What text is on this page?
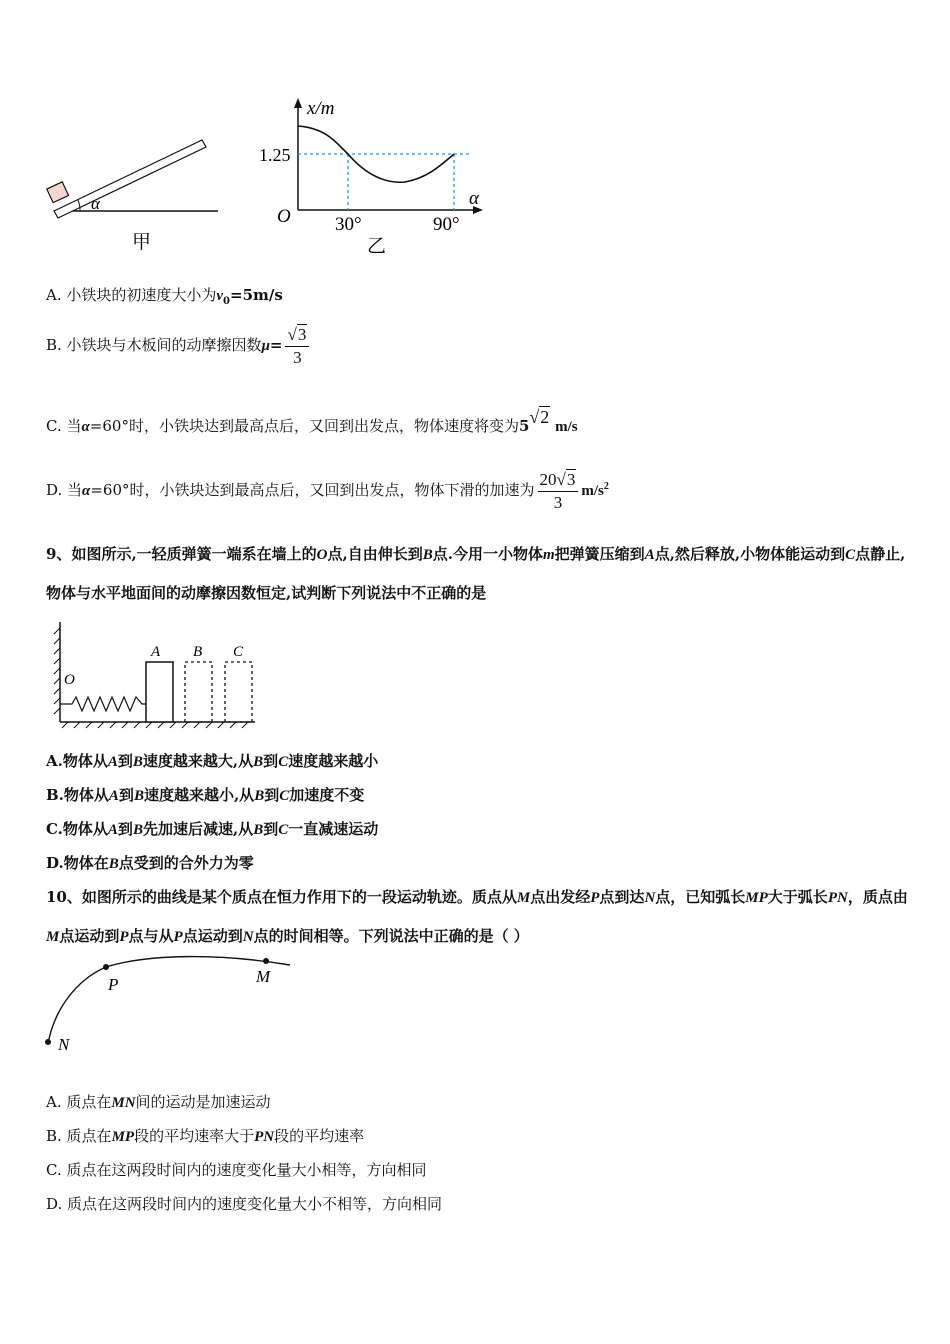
α
甲
x/m
1.25
O 30°	90°
α
乙
A. 小铁块的初速度大小为$v_0=5m/s$
B. 小铁块与木板间的动摩擦因数$\mu= \frac{√3}{3}$
C. 当α=60°时，小铁块达到最高点后，又回到出发点，物体速度将变为5√2 m/s
D. 当α=60°时，小铁块达到最高点后，又回到出发点，物体下滑的加速为 $\frac{20√3}{3} m/s^2$
9、如图所示,一轻质弹簧一端系在墙上的O点,自由伸长到B点.今用一小物体m把弹簧压缩到A点,然后释放,小物体能运动到C点静止,物体与水平地面间的动摩擦因数恒定,试判断下列说法中不正确的是
O
A B C
A.物体从A到B速度越来越大,从B到C速度越来越小
B.物体从A到B速度越来越小,从B到C加速度不变
C.物体从A到B先加速后减速,从B到C一直减速运动
D.物体在B点受到的合外力为零
10、如图所示的曲线是某个质点在恒力作用下的一段运动轨迹。质点从M点出发经P点到达N点，已知弧长MP大于弧长PN，质点由M点运动到P点与从P点运动到N点的时间相等。下列说法中正确的是（ ）
P	M
N
A. 质点在MN间的运动是加速运动
B. 质点在MP段的平均速率大于PN段的平均速率
C. 质点在这两段时间内的速度变化量大小相等，方向相同
D. 质点在这两段时间内的速度变化量大小不相等，方向相同
